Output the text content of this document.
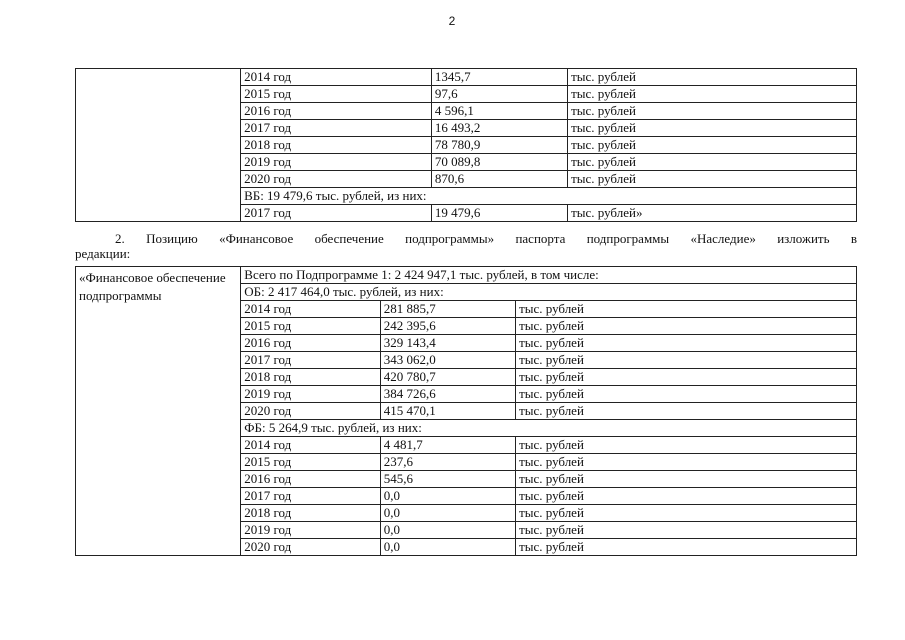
2
	2014 год	1345,7	тыс. рублей
	2015 год	97,6	тыс. рублей
	2016 год	4 596,1	тыс. рублей
	2017 год	16 493,2	тыс. рублей
	2018 год	78 780,9	тыс. рублей
	2019 год	70 089,8	тыс. рублей
	2020 год	870,6	тыс. рублей
	ВБ: 19 479,6 тыс. рублей, из них:		
	2017 год	19 479,6	тыс. рублей»
2. Позицию «Финансовое обеспечение подпрограммы» паспорта подпрограммы «Наследие» изложить в
редакции:
«Финансовое обеспечение подпрограммы	Всего по Подпрограмме 1: 2 424 947,1 тыс. рублей, в том числе:		
	ОБ: 2 417 464,0 тыс. рублей, из них:		
	2014 год	281 885,7	тыс. рублей
	2015 год	242 395,6	тыс. рублей
	2016 год	329 143,4	тыс. рублей
	2017 год	343 062,0	тыс. рублей
	2018 год	420 780,7	тыс. рублей
	2019 год	384 726,6	тыс. рублей
	2020 год	415 470,1	тыс. рублей
	ФБ: 5 264,9 тыс. рублей, из них:		
	2014 год	4 481,7	тыс. рублей
	2015 год	237,6	тыс. рублей
	2016 год	545,6	тыс. рублей
	2017 год	0,0	тыс. рублей
	2018 год	0,0	тыс. рублей
	2019 год	0,0	тыс. рублей
	2020 год	0,0	тыс. рублей
